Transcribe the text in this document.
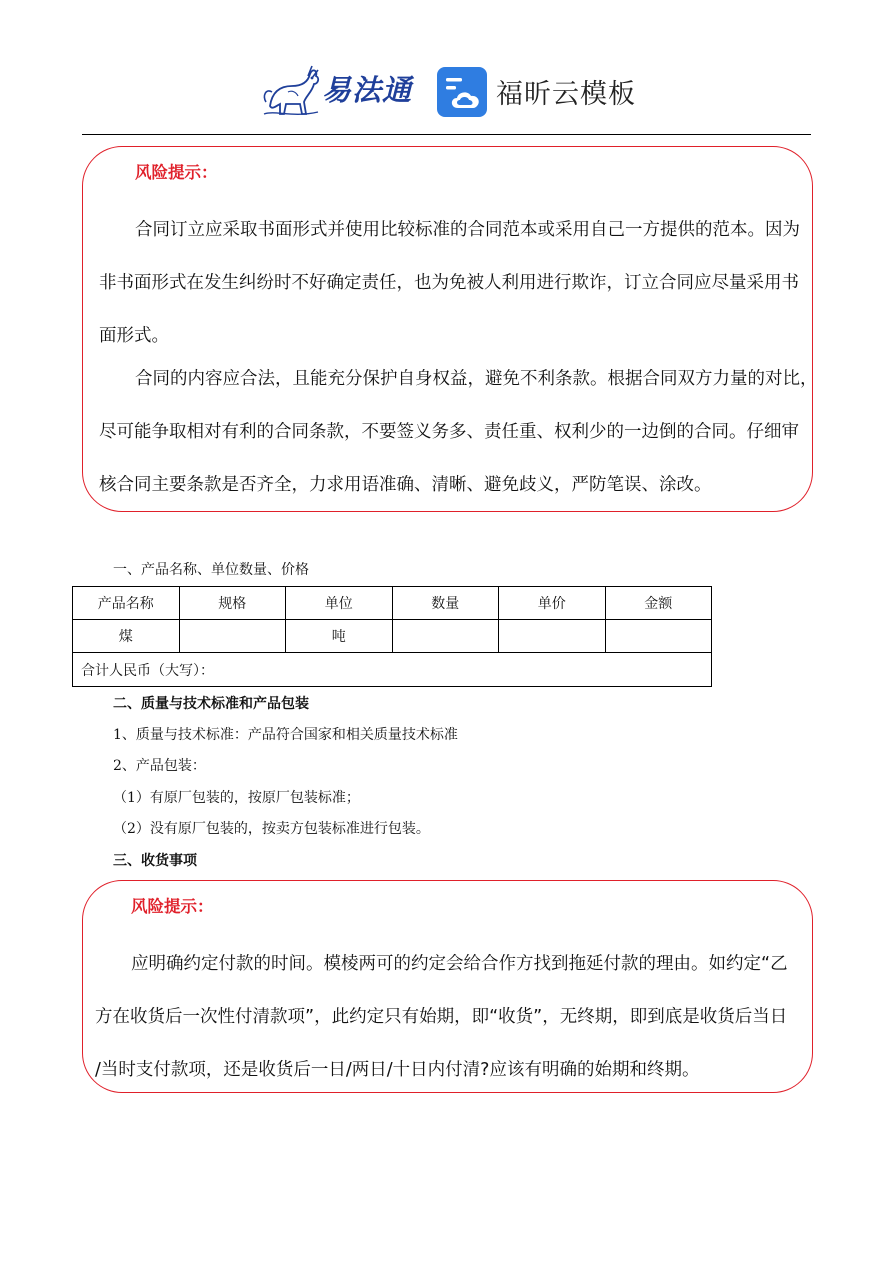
易法通	福昕云模板
风险提示：
合同订立应采取书面形式并使用比较标准的合同范本或采用自己一方提供的范本。因为
非书面形式在发生纠纷时不好确定责任，也为免被人利用进行欺诈，订立合同应尽量采用书
面形式。
合同的内容应合法，且能充分保护自身权益，避免不利条款。根据合同双方力量的对比，
尽可能争取相对有利的合同条款，不要签义务多、责任重、权利少的一边倒的合同。仔细审
核合同主要条款是否齐全，力求用语准确、清晰、避免歧义，严防笔误、涂改。
一、产品名称、单位数量、价格
产品名称	规格	单位	数量	单价	金额
煤		吨			
合计人民币（大写）：					
二、质量与技术标准和产品包装
1、质量与技术标准：产品符合国家和相关质量技术标准
2、产品包装：
（1）有原厂包装的，按原厂包装标准；
（2）没有原厂包装的，按卖方包装标准进行包装。
三、收货事项
风险提示：
应明确约定付款的时间。模棱两可的约定会给合作方找到拖延付款的理由。如约定“乙
方在收货后一次性付清款项”，此约定只有始期，即“收货”，无终期，即到底是收货后当日
/当时支付款项，还是收货后一日/两日/十日内付清?应该有明确的始期和终期。
